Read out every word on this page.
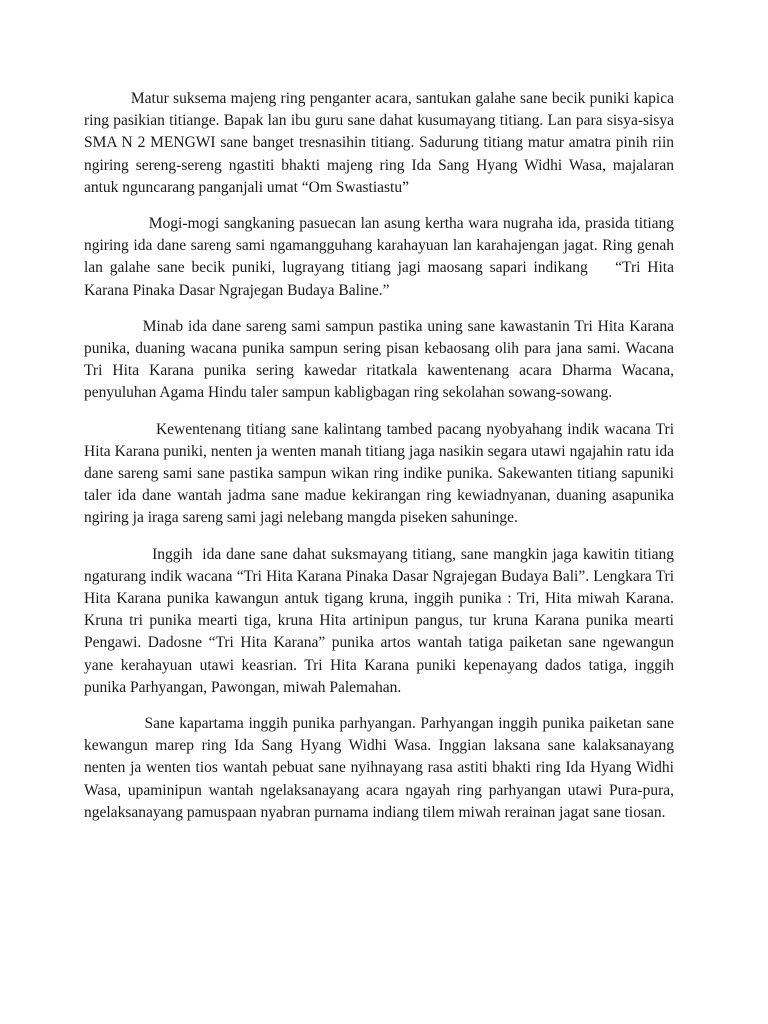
Matur suksema majeng ring penganter acara, santukan galahe sane becik puniki kapica ring pasikian titiange. Bapak lan ibu guru sane dahat kusumayang titiang. Lan para sisya-sisya SMA N 2 MENGWI sane banget tresnasihin titiang. Sadurung titiang matur amatra pinih riin ngiring sereng-sereng ngastiti bhakti majeng ring Ida Sang Hyang Widhi Wasa, majalaran antuk nguncarang panganjali umat “Om Swastiastu”

Mogi-mogi sangkaning pasuecan lan asung kertha wara nugraha ida, prasida titiang ngiring ida dane sareng sami ngamangguhang karahayuan lan karahajengan jagat. Ring genah lan galahe sane becik puniki, lugrayang titiang jagi maosang sapari indikang    “Tri Hita Karana Pinaka Dasar Ngrajegan Budaya Baline.”

Minab ida dane sareng sami sampun pastika uning sane kawastanin Tri Hita Karana punika, duaning wacana punika sampun sering pisan kebaosang olih para jana sami. Wacana Tri Hita Karana punika sering kawedar ritatkala kawentenang acara Dharma Wacana, penyuluhan Agama Hindu taler sampun kabligbagan ring sekolahan sowang-sowang.

Kewentenang titiang sane kalintang tambed pacang nyobyahang indik wacana Tri Hita Karana puniki, nenten ja wenten manah titiang jaga nasikin segara utawi ngajahin ratu ida dane sareng sami sane pastika sampun wikan ring indike punika. Sakewanten titiang sapuniki taler ida dane wantah jadma sane madue kekirangan ring kewiadnyanan, duaning asapunika ngiring ja iraga sareng sami jagi nelebang mangda piseken sahuninge.

Inggih  ida dane sane dahat suksmayang titiang, sane mangkin jaga kawitin titiang ngaturang indik wacana “Tri Hita Karana Pinaka Dasar Ngrajegan Budaya Bali”. Lengkara Tri Hita Karana punika kawangun antuk tigang kruna, inggih punika : Tri, Hita miwah Karana. Kruna tri punika mearti tiga, kruna Hita artinipun pangus, tur kruna Karana punika mearti Pengawi. Dadosne “Tri Hita Karana” punika artos wantah tatiga paiketan sane ngewangun yane kerahayuan utawi keasrian. Tri Hita Karana puniki kepenayang dados tatiga, inggih punika Parhyangan, Pawongan, miwah Palemahan.

Sane kapartama inggih punika parhyangan. Parhyangan inggih punika paiketan sane kewangun marep ring Ida Sang Hyang Widhi Wasa. Inggian laksana sane kalaksanayang nenten ja wenten tios wantah pebuat sane nyihnayang rasa astiti bhakti ring Ida Hyang Widhi Wasa, upaminipun wantah ngelaksanayang acara ngayah ring parhyangan utawi Pura-pura, ngelaksanayang pamuspaan nyabran purnama indiang tilem miwah rerainan jagat sane tiosan.
